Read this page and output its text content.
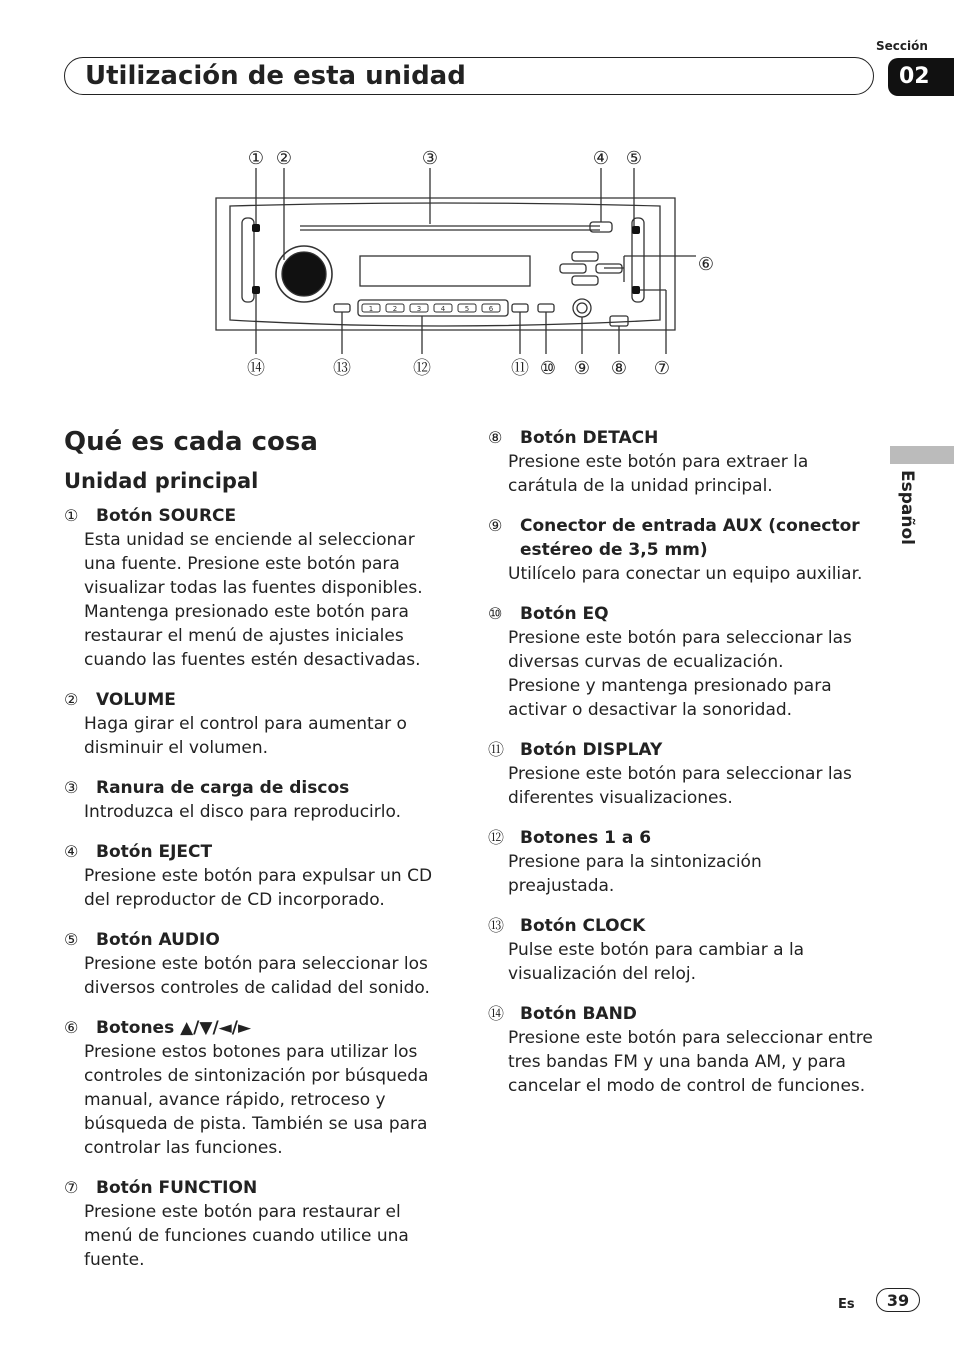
Sección
02
Utilización de esta unidad
Español
1	2	3	4	5	6
① ②	③	④ ⑤
⑥
⑭	⑬	⑫	⑪ ⑩ ⑨ ⑧ ⑦
Qué es cada cosa
Unidad principal
① Botón SOURCE
Esta unidad se enciende al seleccionar una fuente. Presione este botón para visualizar todas las fuentes disponibles.
Mantenga presionado este botón para restaurar el menú de ajustes iniciales cuando las fuentes estén desactivadas.
② VOLUME
Haga girar el control para aumentar o disminuir el volumen.
③ Ranura de carga de discos
Introduzca el disco para reproducirlo.
④ Botón EJECT
Presione este botón para expulsar un CD del reproductor de CD incorporado.
⑤ Botón AUDIO
Presione este botón para seleccionar los diversos controles de calidad del sonido.
⑥ Botones ▲/▼/◄/►
Presione estos botones para utilizar los controles de sintonización por búsqueda manual, avance rápido, retroceso y búsqueda de pista. También se usa para controlar las funciones.
⑦ Botón FUNCTION
Presione este botón para restaurar el menú de funciones cuando utilice una fuente.
⑧ Botón DETACH
Presione este botón para extraer la carátula de la unidad principal.
⑨ Conector de entrada AUX (conector estéreo de 3,5 mm)
Utilícelo para conectar un equipo auxiliar.
⑩ Botón EQ
Presione este botón para seleccionar las diversas curvas de ecualización.
Presione y mantenga presionado para activar o desactivar la sonoridad.
⑪ Botón DISPLAY
Presione este botón para seleccionar las diferentes visualizaciones.
⑫ Botones 1 a 6
Presione para la sintonización preajustada.
⑬ Botón CLOCK
Pulse este botón para cambiar a la visualización del reloj.
⑭ Botón BAND
Presione este botón para seleccionar entre tres bandas FM y una banda AM, y para cancelar el modo de control de funciones.
Es	39
